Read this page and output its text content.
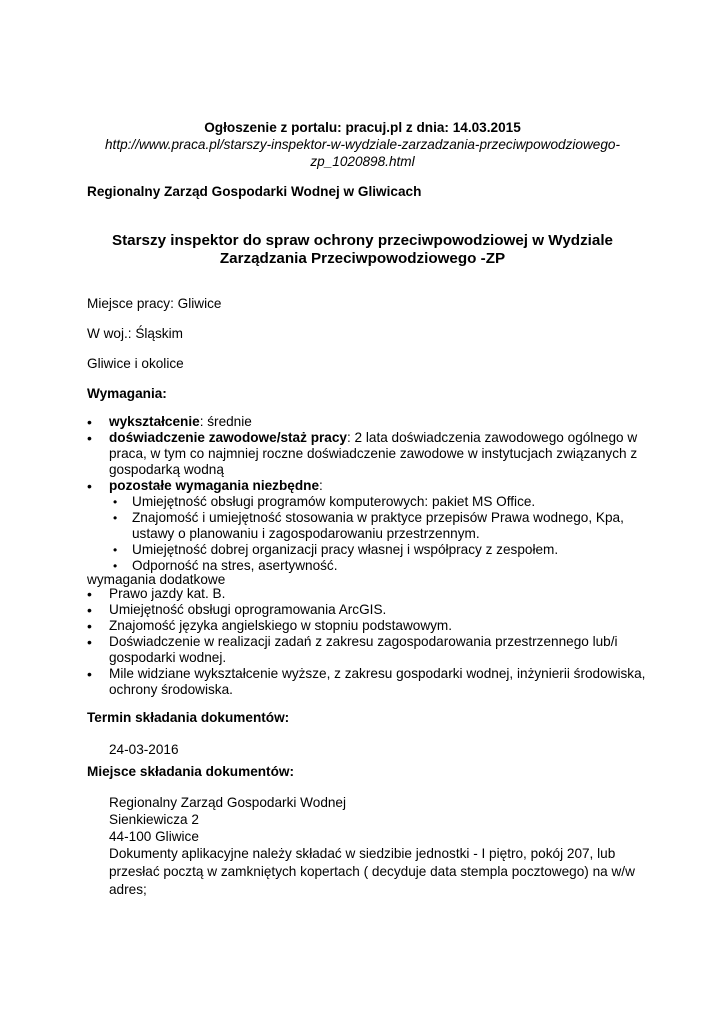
Ogłoszenie z portalu: pracuj.pl z dnia: 14.03.2015
http://www.praca.pl/starszy-inspektor-w-wydziale-zarzadzania-przeciwpowodziowego-
zp_1020898.html
Regionalny Zarząd Gospodarki Wodnej w Gliwicach
Starszy inspektor do spraw ochrony przeciwpowodziowej w Wydziale
Zarządzania Przeciwpowodziowego -ZP
Miejsce pracy: Gliwice
W woj.: Śląskim
Gliwice i okolice
Wymagania:
• wykształcenie: średnie
• doświadczenie zawodowe/staż pracy: 2 lata doświadczenia zawodowego ogólnego w praca, w tym co najmniej roczne doświadczenie zawodowe w instytucjach związanych z gospodarką wodną
• pozostałe wymagania niezbędne:
• Umiejętność obsługi programów komputerowych: pakiet MS Office.
• Znajomość i umiejętność stosowania w praktyce przepisów Prawa wodnego, Kpa, ustawy o planowaniu i zagospodarowaniu przestrzennym.
• Umiejętność dobrej organizacji pracy własnej i współpracy z zespołem.
• Odporność na stres, asertywność.
wymagania dodatkowe
• Prawo jazdy kat. B.
• Umiejętność obsługi oprogramowania ArcGIS.
• Znajomość języka angielskiego w stopniu podstawowym.
• Doświadczenie w realizacji zadań z zakresu zagospodarowania przestrzennego lub/i gospodarki wodnej.
• Mile widziane wykształcenie wyższe, z zakresu gospodarki wodnej, inżynierii środowiska, ochrony środowiska.
Termin składania dokumentów:
24-03-2016
Miejsce składania dokumentów:
Regionalny Zarząd Gospodarki Wodnej
Sienkiewicza 2
44-100 Gliwice
Dokumenty aplikacyjne należy składać w siedzibie jednostki - I piętro, pokój 207, lub przesłać pocztą w zamkniętych kopertach ( decyduje data stempla pocztowego) na w/w adres;
